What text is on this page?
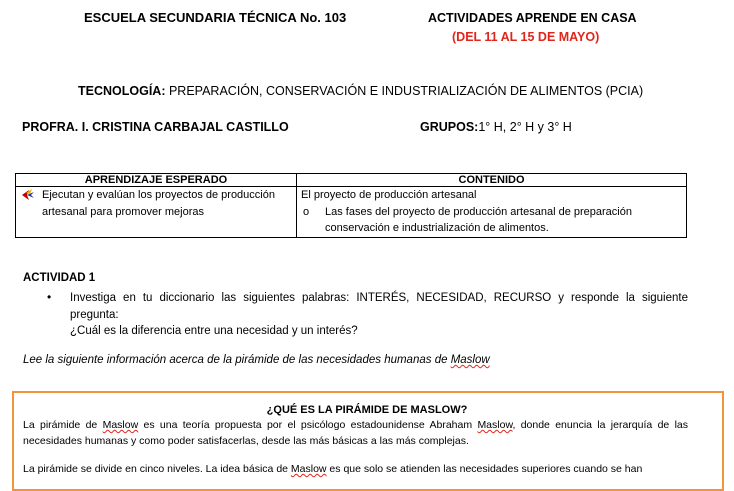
ESCUELA SECUNDARIA TÉCNICA No. 103	ACTIVIDADES APRENDE EN CASA
(DEL 11 AL 15 DE MAYO)
TECNOLOGÍA: PREPARACIÓN, CONSERVACIÓN E INDUSTRIALIZACIÓN DE ALIMENTOS (PCIA)
PROFRA. I. CRISTINA CARBAJAL CASTILLO	GRUPOS:1° H, 2° H y 3° H
APRENDIZAJE ESPERADO	CONTENIDO

Ejecutan y evalúan los proyectos de producción artesanal para promover mejoras	El proyecto de producción artesanal
o Las fases del proyecto de producción artesanal de preparación conservación e industrialización de alimentos.
ACTIVIDAD 1
• Investiga en tu diccionario las siguientes palabras: INTERÉS, NECESIDAD, RECURSO y responde la siguiente pregunta:
¿Cuál es la diferencia entre una necesidad y un interés?
Lee la siguiente información acerca de la pirámide de las necesidades humanas de Maslow
¿QUÉ ES LA PIRÁMIDE DE MASLOW?
La pirámide de Maslow es una teoría propuesta por el psicólogo estadounidense Abraham Maslow, donde enuncia la jerarquía de las necesidades humanas y como poder satisfacerlas, desde las más básicas a las más complejas.
La pirámide se divide en cinco niveles. La idea básica de Maslow es que solo se atienden las necesidades superiores cuando se han
